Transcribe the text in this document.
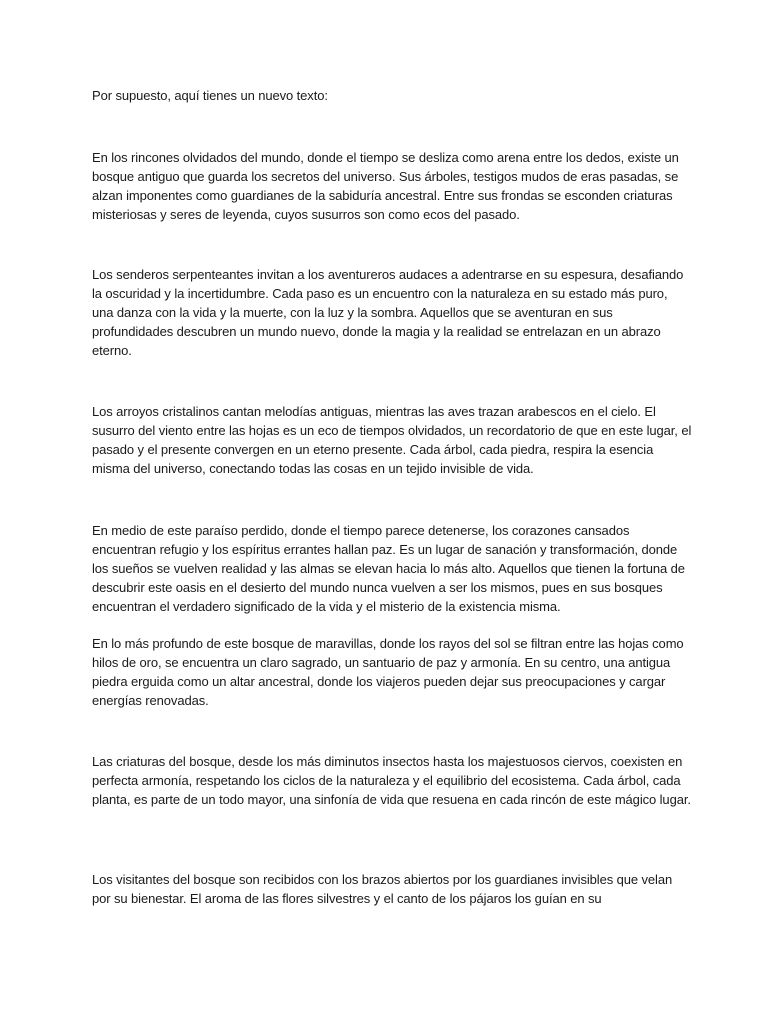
Por supuesto, aquí tienes un nuevo texto:

En los rincones olvidados del mundo, donde el tiempo se desliza como arena entre los dedos, existe un bosque antiguo que guarda los secretos del universo. Sus árboles, testigos mudos de eras pasadas, se alzan imponentes como guardianes de la sabiduría ancestral. Entre sus frondas se esconden criaturas misteriosas y seres de leyenda, cuyos susurros son como ecos del pasado.

Los senderos serpenteantes invitan a los aventureros audaces a adentrarse en su espesura, desafiando la oscuridad y la incertidumbre. Cada paso es un encuentro con la naturaleza en su estado más puro, una danza con la vida y la muerte, con la luz y la sombra. Aquellos que se aventuran en sus profundidades descubren un mundo nuevo, donde la magia y la realidad se entrelazan en un abrazo eterno.

Los arroyos cristalinos cantan melodías antiguas, mientras las aves trazan arabescos en el cielo. El susurro del viento entre las hojas es un eco de tiempos olvidados, un recordatorio de que en este lugar, el pasado y el presente convergen en un eterno presente. Cada árbol, cada piedra, respira la esencia misma del universo, conectando todas las cosas en un tejido invisible de vida.

En medio de este paraíso perdido, donde el tiempo parece detenerse, los corazones cansados encuentran refugio y los espíritus errantes hallan paz. Es un lugar de sanación y transformación, donde los sueños se vuelven realidad y las almas se elevan hacia lo más alto. Aquellos que tienen la fortuna de descubrir este oasis en el desierto del mundo nunca vuelven a ser los mismos, pues en sus bosques encuentran el verdadero significado de la vida y el misterio de la existencia misma.

En lo más profundo de este bosque de maravillas, donde los rayos del sol se filtran entre las hojas como hilos de oro, se encuentra un claro sagrado, un santuario de paz y armonía. En su centro, una antigua piedra erguida como un altar ancestral, donde los viajeros pueden dejar sus preocupaciones y cargar energías renovadas.

Las criaturas del bosque, desde los más diminutos insectos hasta los majestuosos ciervos, coexisten en perfecta armonía, respetando los ciclos de la naturaleza y el equilibrio del ecosistema. Cada árbol, cada planta, es parte de un todo mayor, una sinfonía de vida que resuena en cada rincón de este mágico lugar.

Los visitantes del bosque son recibidos con los brazos abiertos por los guardianes invisibles que velan por su bienestar. El aroma de las flores silvestres y el canto de los pájaros los guían en su
